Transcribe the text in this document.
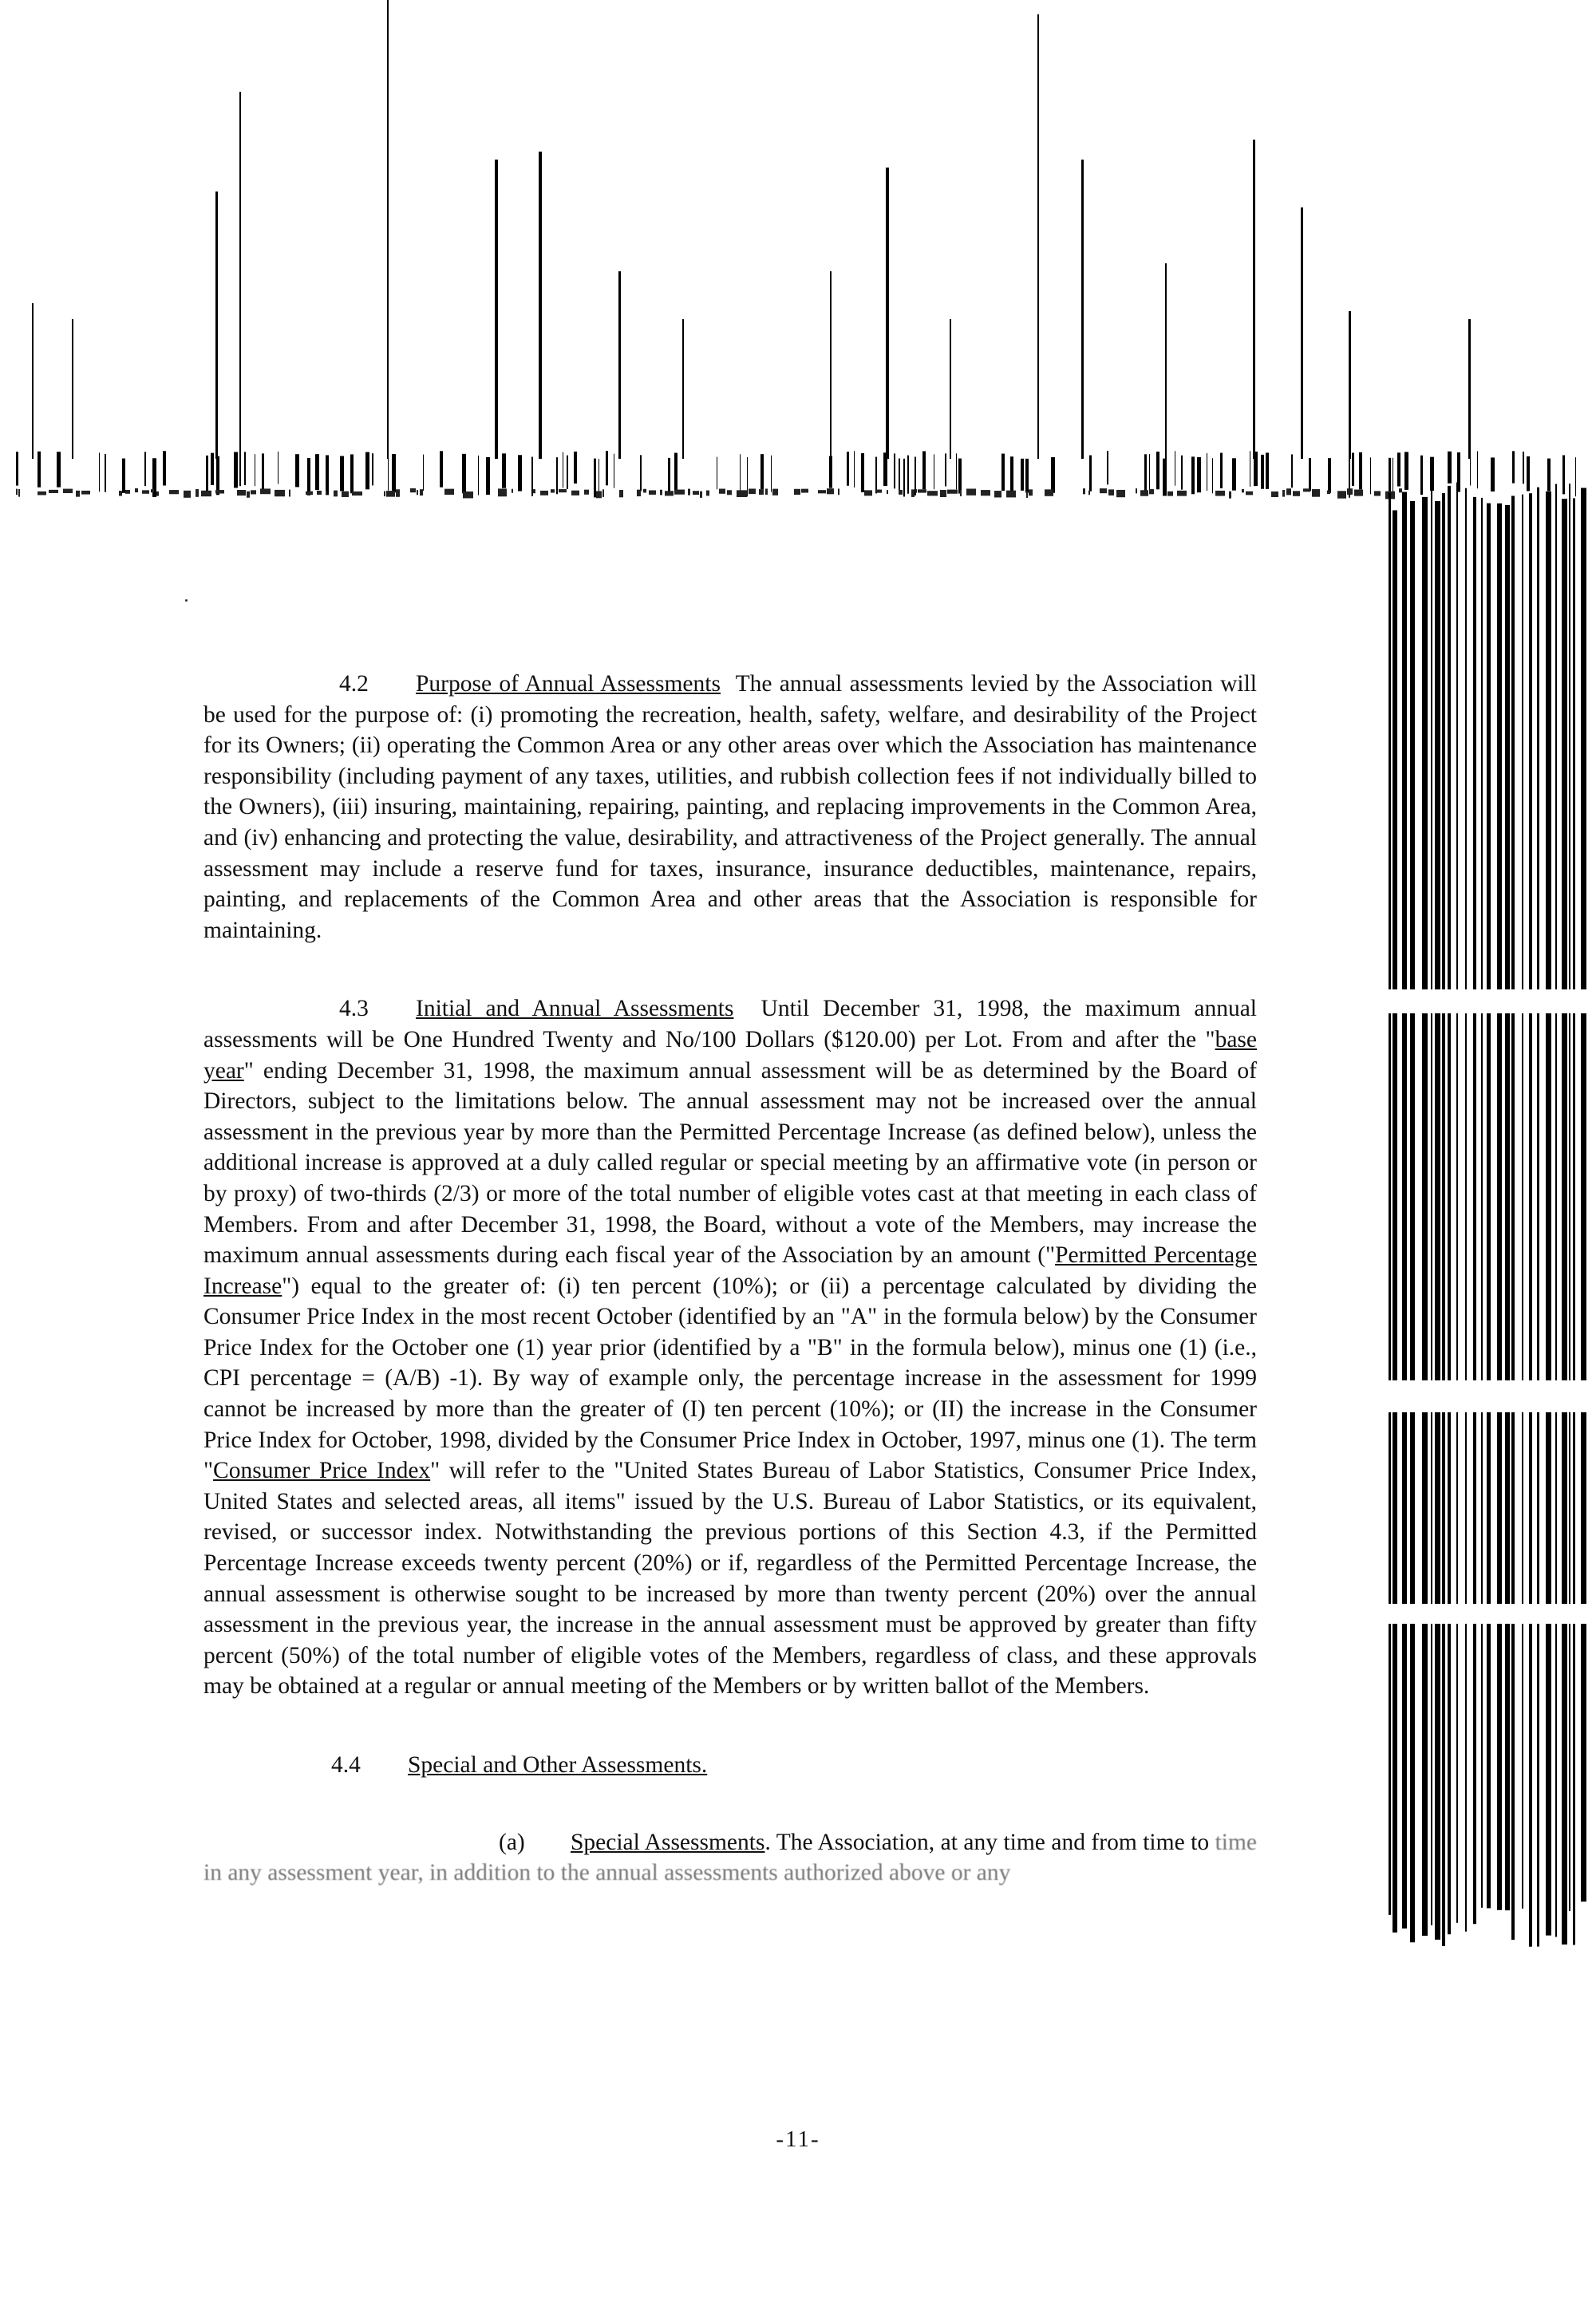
4.2 Purpose of Annual Assessments The annual assessments levied by the Association will be used for the purpose of: (i) promoting the recreation, health, safety, welfare, and desirability of the Project for its Owners; (ii) operating the Common Area or any other areas over which the Association has maintenance responsibility (including payment of any taxes, utilities, and rubbish collection fees if not individually billed to the Owners), (iii) insuring, maintaining, repairing, painting, and replacing improvements in the Common Area, and (iv) enhancing and protecting the value, desirability, and attractiveness of the Project generally. The annual assessment may include a reserve fund for taxes, insurance, insurance deductibles, maintenance, repairs, painting, and replacements of the Common Area and other areas that the Association is responsible for maintaining.

4.3 Initial and Annual Assessments Until December 31, 1998, the maximum annual assessments will be One Hundred Twenty and No/100 Dollars ($120.00) per Lot. From and after the "base year" ending December 31, 1998, the maximum annual assessment will be as determined by the Board of Directors, subject to the limitations below. The annual assessment may not be increased over the annual assessment in the previous year by more than the Permitted Percentage Increase (as defined below), unless the additional increase is approved at a duly called regular or special meeting by an affirmative vote (in person or by proxy) of two-thirds (2/3) or more of the total number of eligible votes cast at that meeting in each class of Members. From and after December 31, 1998, the Board, without a vote of the Members, may increase the maximum annual assessments during each fiscal year of the Association by an amount ("Permitted Percentage Increase") equal to the greater of: (i) ten percent (10%); or (ii) a percentage calculated by dividing the Consumer Price Index in the most recent October (identified by an "A" in the formula below) by the Consumer Price Index for the October one (1) year prior (identified by a "B" in the formula below), minus one (1) (i.e., CPI percentage = (A/B) -1). By way of example only, the percentage increase in the assessment for 1999 cannot be increased by more than the greater of (I) ten percent (10%); or (II) the increase in the Consumer Price Index for October, 1998, divided by the Consumer Price Index in October, 1997, minus one (1). The term "Consumer Price Index" will refer to the "United States Bureau of Labor Statistics, Consumer Price Index, United States and selected areas, all items" issued by the U.S. Bureau of Labor Statistics, or its equivalent, revised, or successor index. Notwithstanding the previous portions of this Section 4.3, if the Permitted Percentage Increase exceeds twenty percent (20%) or if, regardless of the Permitted Percentage Increase, the annual assessment is otherwise sought to be increased by more than twenty percent (20%) over the annual assessment in the previous year, the increase in the annual assessment must be approved by greater than fifty percent (50%) of the total number of eligible votes of the Members, regardless of class, and these approvals may be obtained at a regular or annual meeting of the Members or by written ballot of the Members.

4.4 Special and Other Assessments.

(a) Special Assessments. The Association, at any time and from time to time in any assessment year, in addition to the annual assessments authorized above or any

-11-
